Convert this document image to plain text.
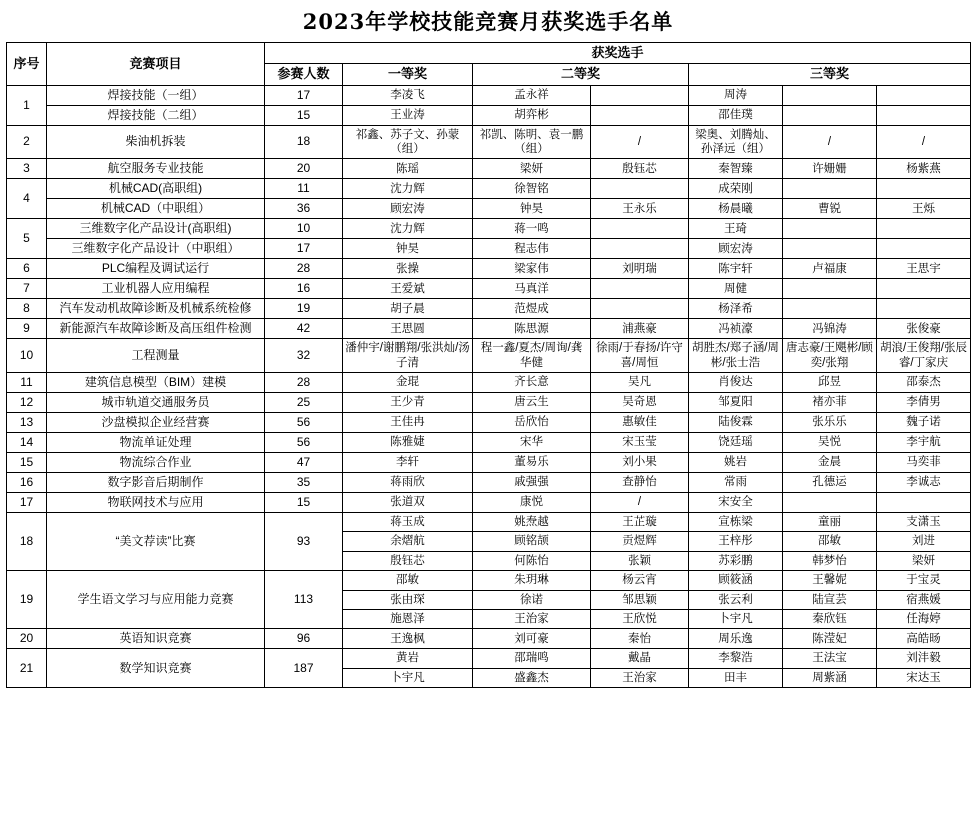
2023年学校技能竞赛月获奖选手名单
序号	竞赛项目	获奖选手						
		参赛人数	一等奖	二等奖		三等奖		
1	焊接技能（一组）	17	李凌飞	孟永祥		周涛		
	焊接技能（二组）	15	王业涛	胡弈彬		邵佳璞		
2	柴油机拆装	18	祁鑫、苏子文、孙蒙（组）	祁凯、陈明、袁一鹏（组）	/	梁奥、刘腾灿、孙泽远（组）	/	/
3	航空服务专业技能	20	陈瑶	梁妍	殷钰芯	秦智臻	许姗姗	杨紫燕
4	机械CAD(高职组)	11	沈力辉	徐智铭		成荣刚		
	机械CAD（中职组）	36	顾宏涛	钟昊	王永乐	杨晨曦	曹锐	王烁
5	三维数字化产品设计(高职组)	10	沈力辉	蒋一鸣		王琦		
	三维数字化产品设计（中职组）	17	钟昊	程志伟		顾宏涛		
6	PLC编程及调试运行	28	张操	梁家伟	刘明瑞	陈宇轩	卢福康	王思宇
7	工业机器人应用编程	16	王爱斌	马真洋		周健		
8	汽车发动机故障诊断及机械系统检修	19	胡子晨	范煜成		杨泽希		
9	新能源汽车故障诊断及高压组件检测	42	王思圆	陈思源	浦燕豪	冯祯濠	冯锦涛	张俊豪
10	工程测量	32	潘仲宇/谢鹏翔/张洪灿/汤子清	程一鑫/夏杰/周询/龚华健	徐雨/于春扬/许守喜/周恒	胡胜杰/郑子涵/周彬/张士浩	唐志豪/王飓彬/顾奕/张翔	胡浪/王俊翔/张辰睿/丁家庆
11	建筑信息模型（BIM）建模	28	金琨	齐长意	吴凡	肖俊达	邱昱	邵泰杰
12	城市轨道交通服务员	25	王少青	唐云生	吴奇恩	邹夏阳	褚亦菲	李倩男
13	沙盘模拟企业经营赛	56	王佳冉	岳欣怡	惠敏佳	陆俊霖	张乐乐	魏子诺
14	物流单证处理	56	陈雅婕	宋华	宋玉莹	饶廷瑶	吴悦	李宇航
15	物流综合作业	47	李轩	董易乐	刘小果	姚岩	金晨	马奕菲
16	数字影音后期制作	35	蒋雨欣	戚强强	查静怡	常雨	孔德运	李诚志
17	物联网技术与应用	15	张道双	康悦	/	宋安全		
18	“美文荐读”比赛	93	蒋玉成	姚焘越	王芷璇	宣栋梁	童丽	支潇玉
			余熠航	顾铭颉	贡煜辉	王梓彤	邵敏	刘进
			殷钰芯	何陈怡	张颖	苏彩鹏	韩梦怡	梁妍
19	学生语文学习与应用能力竞赛	113	邵敏	朱玥琳	杨云宵	顾筱涵	王馨妮	于宝灵
			张由琛	徐诺	邹思颖	张云利	陆宣芸	宿燕媛
			施恩泽	王治家	王欣悦	卜宇凡	秦欣钰	任海婷
20	英语知识竞赛	96	王逸枫	刘可豪	秦怡	周乐逸	陈滢妃	高皓旸
21	数学知识竞赛	187	黄岩	邵瑞鸣	戴晶	李黎浩	王法宝	刘沣毅
			卜宇凡	盛鑫杰	王治家	田丰	周紫涵	宋达玉
